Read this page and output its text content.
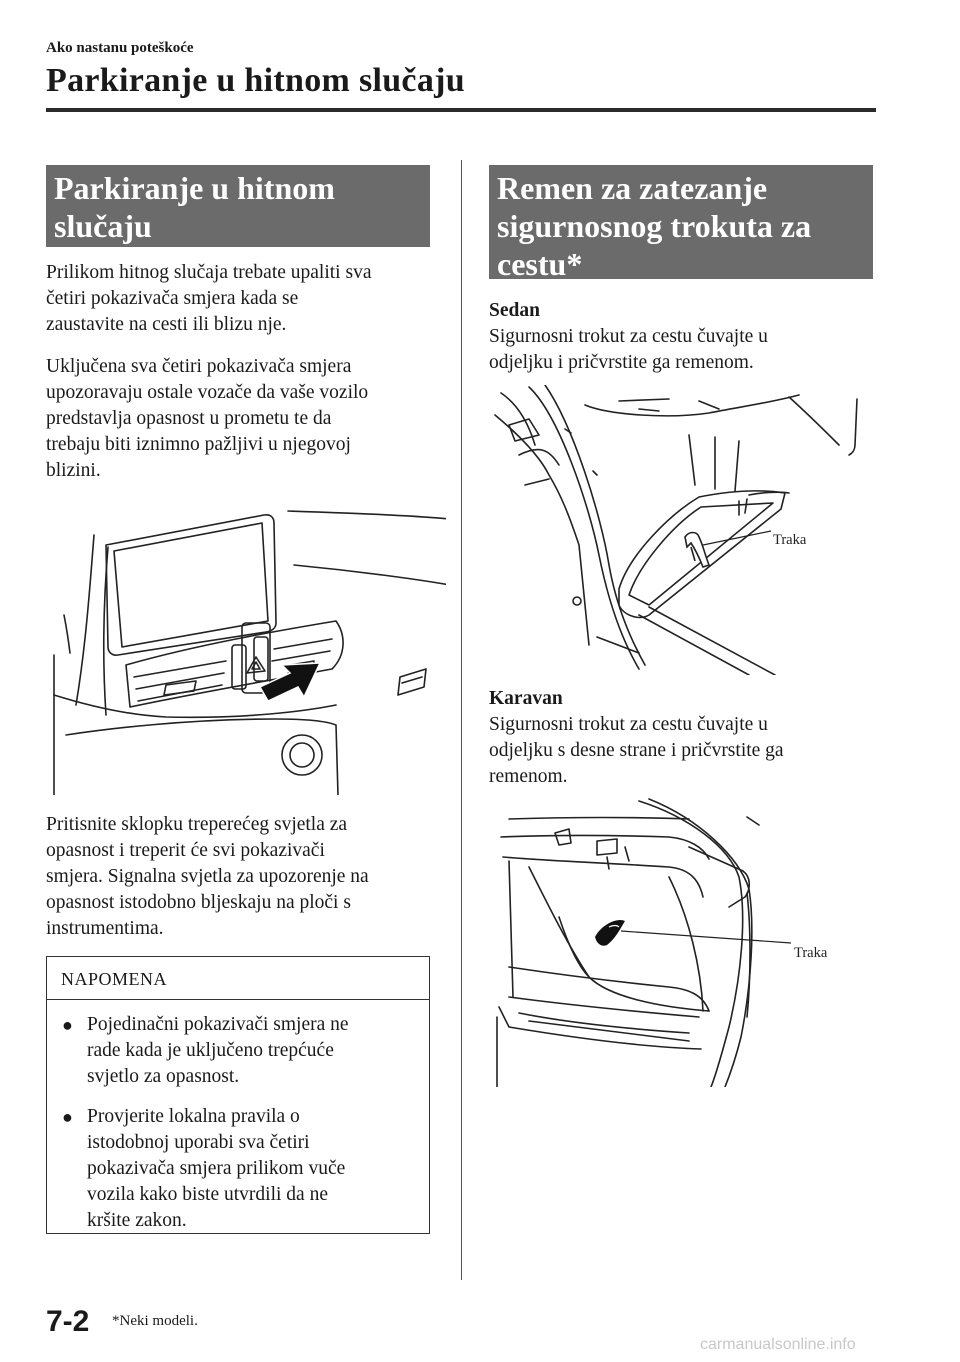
Ako nastanu poteškoće
Parkiranje u hitnom slučaju
Parkiranje u hitnom
slučaju

Prilikom hitnog slučaja trebate upaliti sva
četiri pokazivača smjera kada se
zaustavite na cesti ili blizu nje.

Uključena sva četiri pokazivača smjera
upozoravaju ostale vozače da vaše vozilo
predstavlja opasnost u prometu te da
trebaju biti iznimno pažljivi u njegovoj
blizini.

Pritisnite sklopku treperećeg svjetla za
opasnost i treperit će svi pokazivači
smjera. Signalna svjetla za upozorenje na
opasnost istodobno bljeskaju na ploči s
instrumentima.
NAPOMENA
● Pojedinačni pokazivači smjera ne
rade kada je uključeno trepćuće
svjetlo za opasnost.
● Provjerite lokalna pravila o
istodobnoj uporabi sva četiri
pokazivača smjera prilikom vuče
vozila kako biste utvrdili da ne
kršite zakon.
Remen za zatezanje
sigurnosnog trokuta za
cestu*
Sedan
Sigurnosni trokut za cestu čuvajte u
odjeljku i pričvrstite ga remenom.
Traka
Karavan
Sigurnosni trokut za cestu čuvajte u
odjeljku s desne strane i pričvrstite ga
remenom.
Traka
7-2 *Neki modeli.
carmanualsonline.info
